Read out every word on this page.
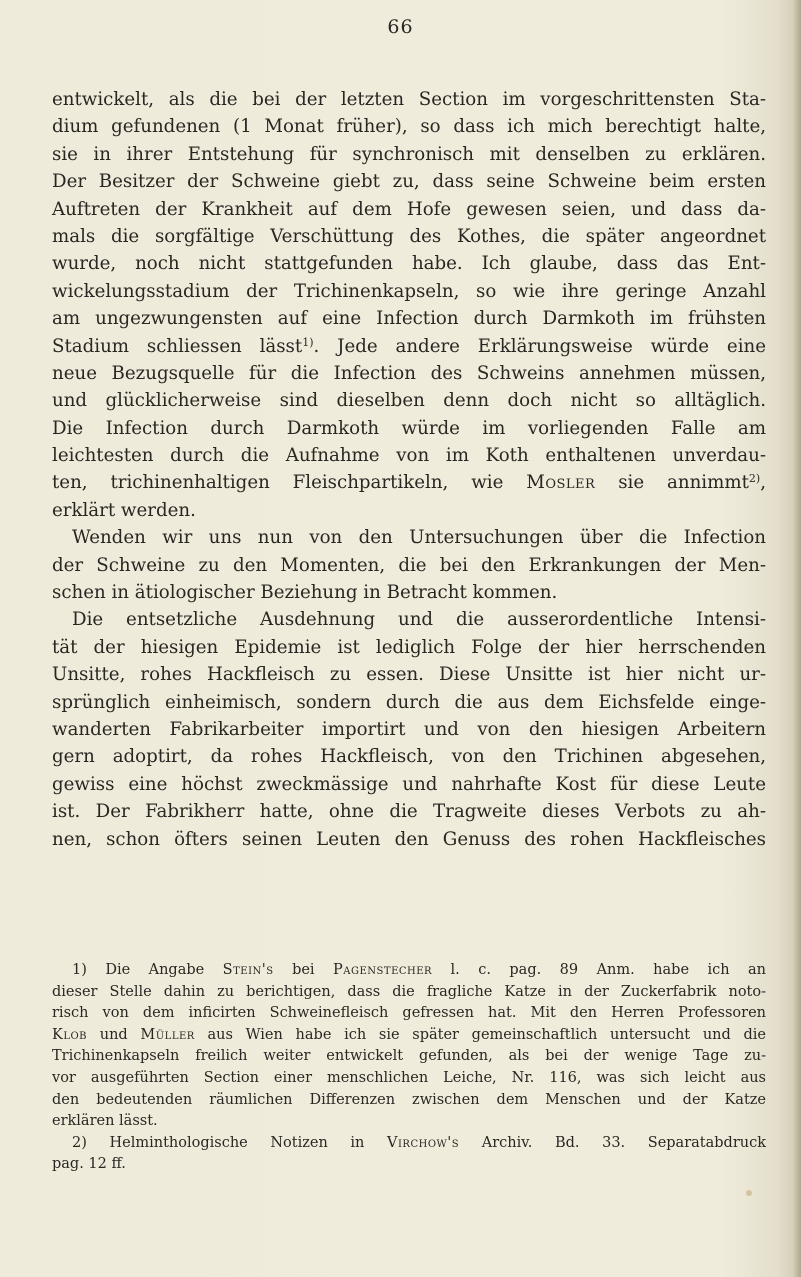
66
entwickelt, als die bei der letzten Section im vorgeschrittensten Sta-
dium gefundenen (1 Monat früher), so dass ich mich berechtigt halte,
sie in ihrer Entstehung für synchronisch mit denselben zu erklären.
Der Besitzer der Schweine giebt zu, dass seine Schweine beim ersten
Auftreten der Krankheit auf dem Hofe gewesen seien, und dass da-
mals die sorgfältige Verschüttung des Kothes, die später angeordnet
wurde, noch nicht stattgefunden habe. Ich glaube, dass das Ent-
wickelungsstadium der Trichinenkapseln, so wie ihre geringe Anzahl
am ungezwungensten auf eine Infection durch Darmkoth im frühsten
Stadium schliessen lässt$^{1)}$. Jede andere Erklärungsweise würde eine
neue Bezugsquelle für die Infection des Schweins annehmen müssen,
und glücklicherweise sind dieselben denn doch nicht so alltäglich.
Die Infection durch Darmkoth würde im vorliegenden Falle am
leichtesten durch die Aufnahme von im Koth enthaltenen unverdau-
ten, trichinenhaltigen Fleischpartikeln, wie Mosler sie annimmt$^{2)}$,
erklärt werden.
Wenden wir uns nun von den Untersuchungen über die Infection
der Schweine zu den Momenten, die bei den Erkrankungen der Men-
schen in ätiologischer Beziehung in Betracht kommen.
Die entsetzliche Ausdehnung und die ausserordentliche Intensi-
tät der hiesigen Epidemie ist lediglich Folge der hier herrschenden
Unsitte, rohes Hackfleisch zu essen. Diese Unsitte ist hier nicht ur-
sprünglich einheimisch, sondern durch die aus dem Eichsfelde einge-
wanderten Fabrikarbeiter importirt und von den hiesigen Arbeitern
gern adoptirt, da rohes Hackfleisch, von den Trichinen abgesehen,
gewiss eine höchst zweckmässige und nahrhafte Kost für diese Leute
ist. Der Fabrikherr hatte, ohne die Tragweite dieses Verbots zu ah-
nen, schon öfters seinen Leuten den Genuss des rohen Hackfleisches
1) Die Angabe Stein's bei Pagenstecher l. c. pag. 89 Anm. habe ich an
dieser Stelle dahin zu berichtigen, dass die fragliche Katze in der Zuckerfabrik noto-
risch von dem inficirten Schweinefleisch gefressen hat. Mit den Herren Professoren
Klob und Müller aus Wien habe ich sie später gemeinschaftlich untersucht und die
Trichinenkapseln freilich weiter entwickelt gefunden, als bei der wenige Tage zu-
vor ausgeführten Section einer menschlichen Leiche, Nr. 116, was sich leicht aus
den bedeutenden räumlichen Differenzen zwischen dem Menschen und der Katze
erklären lässt.
2) Helminthologische Notizen in Virchow's Archiv. Bd. 33. Separatabdruck
pag. 12 ff.
